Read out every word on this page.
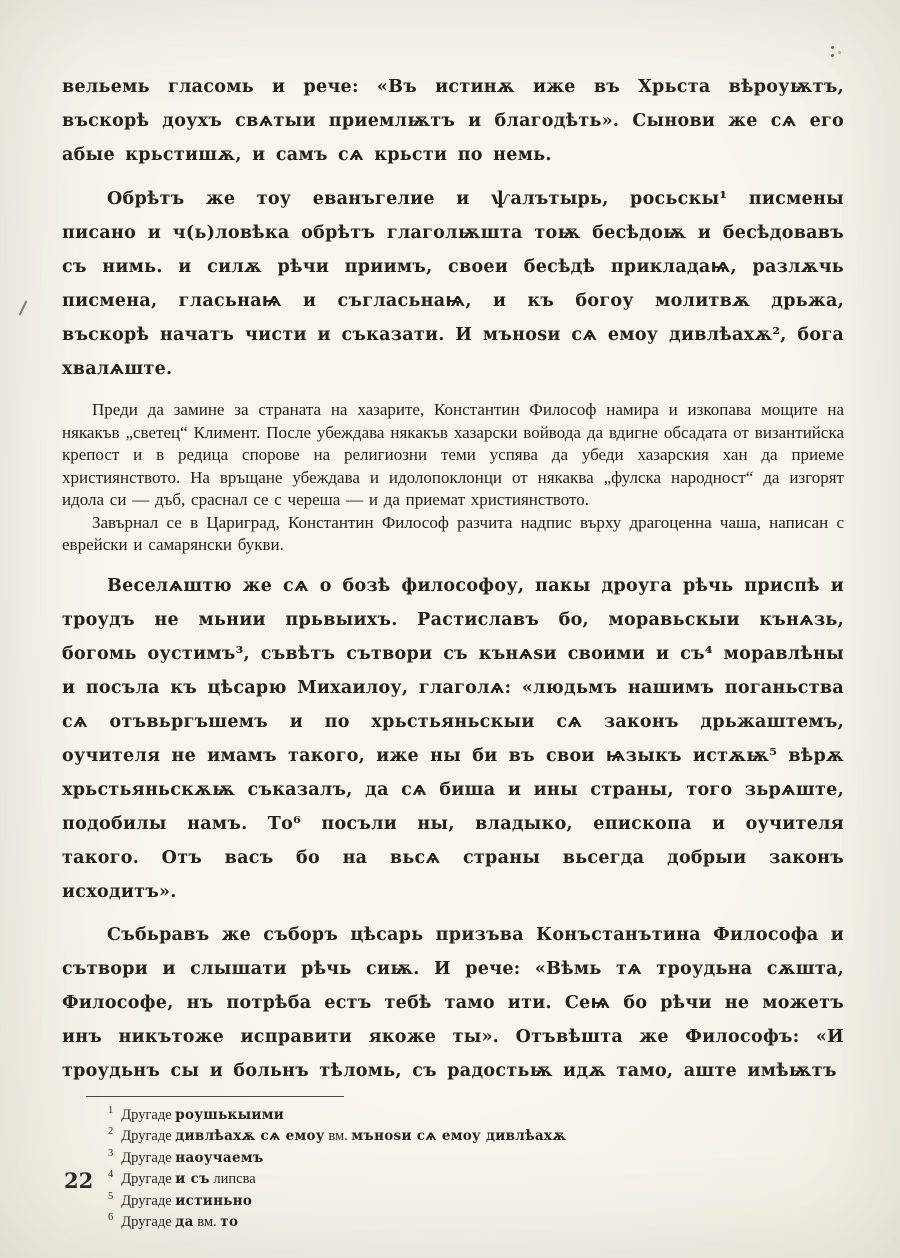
вельемь гласомь и рече: «Въ истинѫ иже въ Хрьста вѣроуѭтъ, въскорѣ доухъ свѧтыи приемлѭтъ и благодѣть». Сынови же сѧ его абые крьстишѫ, и самъ сѧ крьсти по немь.

Обрѣтъ же тоу еванъгелие и ѱалътырь, росьскы¹ писмены писано и ч(ь)ловѣка обрѣтъ глаголѭшта тоѭ бесѣдоѭ и бесѣдовавъ съ нимь. и силѫ рѣчи приимъ, своеи бесѣдѣ прикладаѩ, разлѫчь писмена, гласьнаѩ и съгласьнаѩ, и къ богоу молитвѫ дрьжа, въскорѣ начатъ чисти и съказати. И мъноѕи сѧ емоу дивлѣахѫ², бога хвалѧште.

Преди да замине за страната на хазарите, Константин Философ намира и изкопава мощите на някакъв „светец“ Климент. После убеждава някакъв хазарски войвода да вдигне обсадата от византийска крепост и в редица спорове на религиозни теми успява да убеди хазарския хан да приеме християнството. На връщане убеждава и идолопоклонци от някаква „фулска народност“ да изгорят идола си — дъб, сраснал се с череша — и да приемат християнството.

Завърнал се в Цариград, Константин Философ разчита надпис върху драгоценна чаша, написан с еврейски и самарянски букви.

Веселѧштю же сѧ о бозѣ философоу, пакы дроуга рѣчь приспѣ и троудъ не мьнии прьвыихъ. Растиславъ бо, моравьскыи кънѧзь, богомь оустимъ³, съвѣтъ сътвори съ кънѧѕи своими и съ⁴ моравлѣны и посъла къ цѣсарю Михаилоу, глаголѧ: «людьмъ нашимъ поганьства сѧ отъвьргъшемъ и по хрьстьяньскыи сѧ законъ дрьжаштемъ, оучителя не имамъ такого, иже ны би въ свои ѩзыкъ истѫѭ⁵ вѣрѫ хрьстьяньскѫѭ съказалъ, да сѧ биша и ины страны, того зьрѧште, подобилы намъ. То⁶ посъли ны, владыко, епископа и оучителя такого. Отъ васъ бо на вьсѧ страны вьсегда добрыи законъ исходитъ».

Събьравъ же съборъ цѣсарь призъва Конъстанътина Философа и сътвори и слышати рѣчь сиѭ. И рече: «Вѣмь тѧ троудьна сѫшта, Философе, нъ потрѣба естъ тебѣ тамо ити. Сеѩ бо рѣчи не можетъ инъ никътоже исправити якоже ты». Отъвѣшта же Философъ: «И троудьнъ сы и больнъ тѣломь, съ радостьѭ идѫ тамо, аште имѣѭтъ

$^1$ Другаде роушькыими
$^2$ Другаде дивлѣахѫ сѧ емоу вм. мъноѕи сѧ емоу дивлѣахѫ
$^3$ Другаде наоучаемъ
$^4$ Другаде и съ липсва
$^5$ Другаде истиньно
$^6$ Другаде да вм. то
22
